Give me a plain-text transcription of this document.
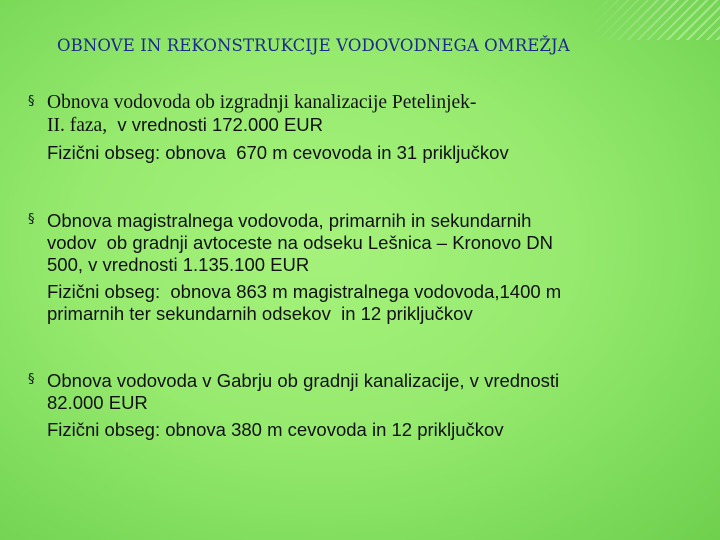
OBNOVE IN REKONSTRUKCIJE VODOVODNEGA OMREŽJA
§ Obnova vodovoda ob izgradnji kanalizacije Petelinjek-
II. faza,  v vrednosti 172.000 EUR
Fizični obseg: obnova  670 m cevovoda in 31 priključkov
§ Obnova magistralnega vodovoda, primarnih in sekundarnih
vodov  ob gradnji avtoceste na odseku Lešnica – Kronovo DN
500, v vrednosti 1.135.100 EUR
Fizični obseg:  obnova 863 m magistralnega vodovoda,1400 m
primarnih ter sekundarnih odsekov  in 12 priključkov
§ Obnova vodovoda v Gabrju ob gradnji kanalizacije, v vrednosti
82.000 EUR
Fizični obseg: obnova 380 m cevovoda in 12 priključkov
